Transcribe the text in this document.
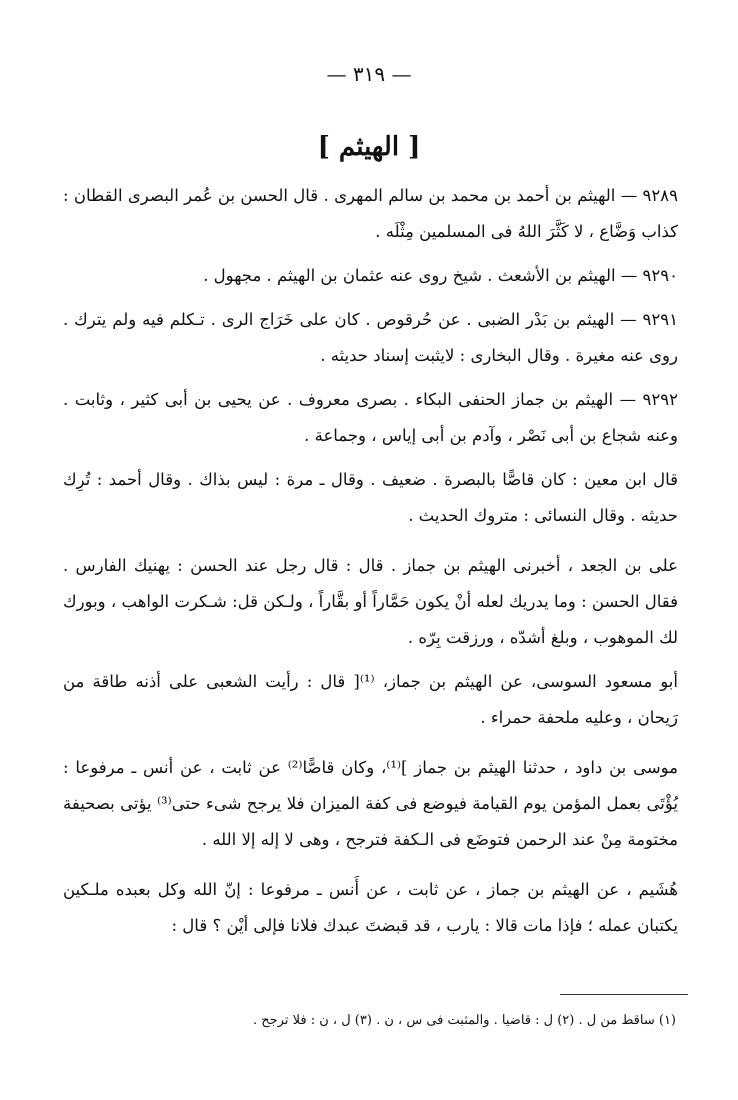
— ٣١٩ —
[ الهيثم ]

٩٢٨٩ — الهيثم بن أحمد بن محمد بن سالم المهرى . قال الحسن بن عُمر البصرى القطان : كذاب وَضَّاع ، لا كَثَّرَ اللهُ فى المسلمين مِثْلَه .

٩٢٩٠ — الهيثم بن الأشعث . شيخ روى عنه عثمان بن الهيثم . مجهول .

٩٢٩١ — الهيثم بن بَدْر الضبى . عن حُرقوص . كان على خَرَاج الرى . تـكلم فيه ولم يترك . روى عنه مغيرة . وقال البخارى : لايثبت إسناد حديثه .

٩٢٩٢ — الهيثم بن جماز الحنفى البكاء . بصرى معروف . عن يحيى بن أبى كثير ، وثابت . وعنه شجاع بن أبى نَصْر ، وآدم بن أبى إياس ، وجماعة .

قال ابن معين : كان قاصًّا بالبصرة . ضعيف . وقال ـ مرة : ليس بذاك . وقال أحمد : تُرِك حديثه . وقال النسائى : متروك الحديث .

على بن الجعد ، أخبرنى الهيثم بن جماز . قال : قال رجل عند الحسن : يهنيك الفارس . فقال الحسن : وما يدريك لعله أنْ يكون حَمَّاراً أو بقَّاراً ، ولـكن قل: شـكرت الواهب ، وبورك لك الموهوب ، وبلغ أشدّه ، ورزقت بِرّه .

أبو مسعود السوسى، عن الهيثم بن جماز، ⁽¹⁾[ قال : رأيت الشعبى على أذنه طاقة من رَيحان ، وعليه ملحفة حمراء .

موسى بن داود ، حدثنا الهيثم بن جماز ]⁽¹⁾، وكان قاصًّا⁽²⁾ عن ثابت ، عن أنس ـ مرفوعا : يُؤْتَى بعمل المؤمن يوم القيامة فيوضع فى كفة الميزان فلا يرجح شىء حتى⁽³⁾ يؤتى بصحيفة مختومة مِنْ عند الرحمن فتوضَع فى الـكفة فترجح ، وهى لا إله إلا الله .

هُشَيم ، عن الهيثم بن جماز ، عن ثابت ، عن أَنس ـ مرفوعا : إنّ الله وكل بعبده ملـكين يكتبان عمله ؛ فإذا مات قالا : يارب ، قد قبضتَ عبدك فلانا فإلى أيْن ؟ قال :

(١) ساقط من ل . (٢) ل : قاضيا . والمثبت فى س ، ن . (٣) ل ، ن : فلا ترجح .
